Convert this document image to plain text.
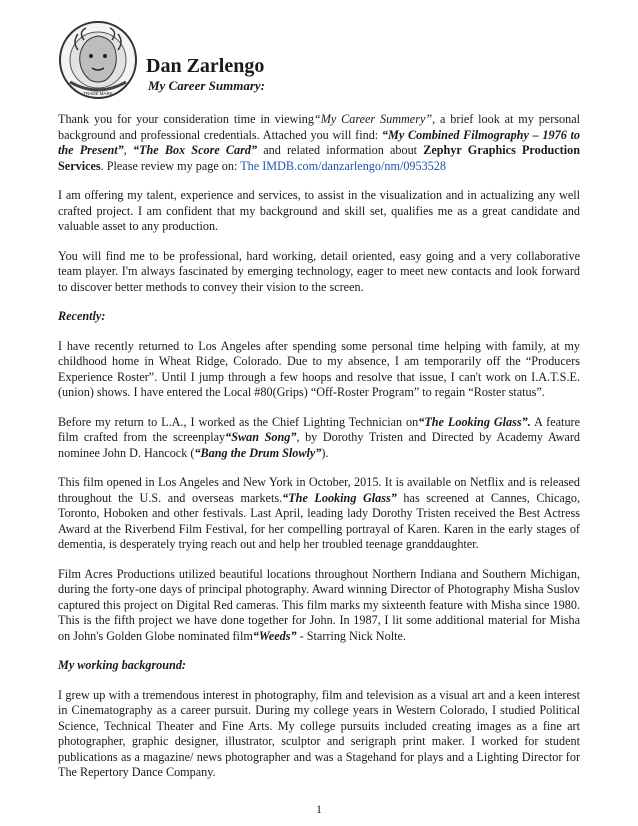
TRADE MARK
Dan Zarlengo
My Career Summary:

Thank you for your consideration time in viewing“My Career Summery”, a brief look at my personal background and professional credentials. Attached you will find: “My Combined Filmography – 1976 to the Present”, “The Box Score Card” and related information about Zephyr Graphics Production Services. Please review my page on: The IMDB.com/danzarlengo/nm/0953528

I am offering my talent, experience and services, to assist in the visualization and in actualizing any well crafted project. I am confident that my background and skill set, qualifies me as a great candidate and valuable asset to any production.

You will find me to be professional, hard working, detail oriented, easy going and a very collaborative team player. I'm always fascinated by emerging technology, eager to meet new contacts and look forward to discover better methods to convey their vision to the screen.

Recently:

I have recently returned to Los Angeles after spending some personal time helping with family, at my childhood home in Wheat Ridge, Colorado. Due to my absence, I am temporarily off the “Producers Experience Roster”. Until I jump through a few hoops and resolve that issue, I can't work on I.A.T.S.E. (union) shows. I have entered the Local #80(Grips) “Off-Roster Program” to regain “Roster status”.

Before my return to L.A., I worked as the Chief Lighting Technician on“The Looking Glass”. A feature film crafted from the screenplay“Swan Song”, by Dorothy Tristen and Directed by Academy Award nominee John D. Hancock (“Bang the Drum Slowly”).

This film opened in Los Angeles and New York in October, 2015. It is available on Netflix and is released throughout the U.S. and overseas markets.“The Looking Glass” has screened at Cannes, Chicago, Toronto, Hoboken and other festivals. Last April, leading lady Dorothy Tristen received the Best Actress Award at the Riverbend Film Festival, for her compelling portrayal of Karen. Karen in the early stages of dementia, is desperately trying reach out and help her troubled teenage granddaughter.

Film Acres Productions utilized beautiful locations throughout Northern Indiana and Southern Michigan, during the forty-one days of principal photography. Award winning Director of Photography Misha Suslov captured this project on Digital Red cameras. This film marks my sixteenth feature with Misha since 1980. This is the fifth project we have done together for John. In 1987, I lit some additional material for Misha on John's Golden Globe nominated film“Weeds” - Starring Nick Nolte.

My working background:

I grew up with a tremendous interest in photography, film and television as a visual art and a keen interest in Cinematography as a career pursuit. During my college years in Western Colorado, I studied Political Science, Technical Theater and Fine Arts. My college pursuits included creating images as a fine art photographer, graphic designer, illustrator, sculptor and serigraph print maker. I worked for student publications as a magazine/ news photographer and was a Stagehand for plays and a Lighting Director for The Repertory Dance Company.

1
